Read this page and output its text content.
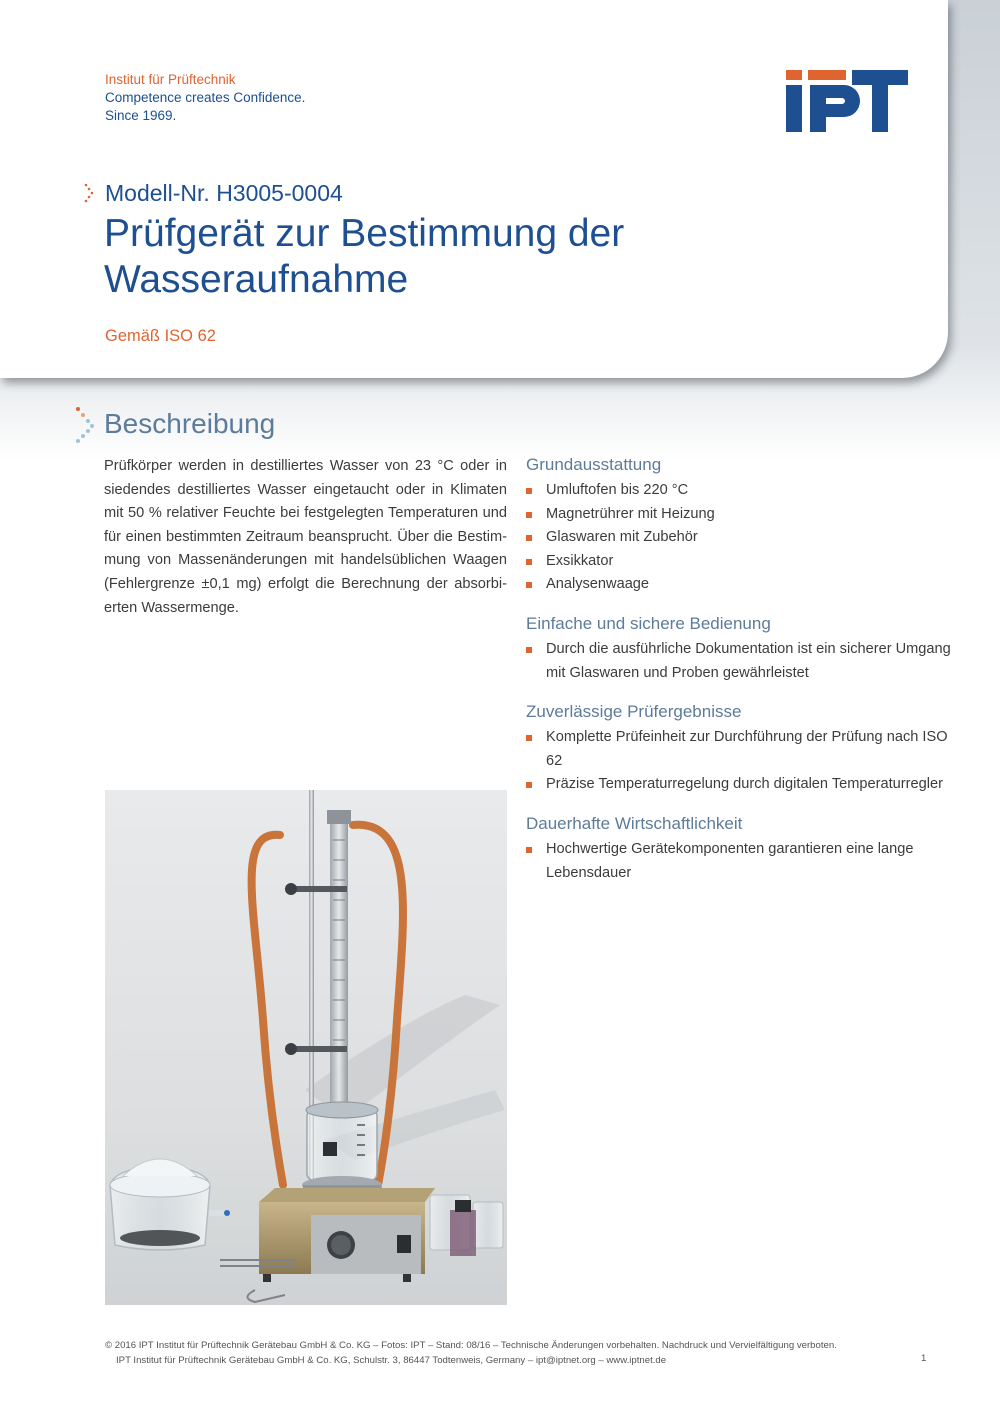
Institut für Prüftechnik
Competence creates Confidence.
Since 1969.
Modell-Nr. H3005-0004
Prüfgerät zur Bestimmung der Wasseraufnahme
Gemäß ISO 62
Beschreibung

Prüfkörper werden in destilliertes Wasser von 23 °C oder in siedendes destilliertes Wasser eingetaucht oder in Klimaten mit 50 % relativer Feuchte bei festgelegten Temperaturen und für einen bestimmten Zeitraum beansprucht. Über die Bestim-mung von Massenänderungen mit handelsüblichen Waagen (Fehlergrenze ±0,1 mg) erfolgt die Berechnung der absorbi-erten Wassermenge.

Grundausstattung
Umluftofen bis 220 °C
Magnetrührer mit Heizung
Glaswaren mit Zubehör
Exsikkator
Analysenwaage
Einfache und sichere Bedienung
Durch die ausführliche Dokumentation ist ein sicherer Umgang mit Glaswaren und Proben gewährleistet
Zuverlässige Prüfergebnisse
Komplette Prüfeinheit zur Durchführung der Prüfung nach ISO 62
Präzise Temperaturregelung durch digitalen Temperaturregler
Dauerhafte Wirtschaftlichkeit
Hochwertige Gerätekomponenten garantieren eine lange Lebensdauer
© 2016 IPT Institut für Prüftechnik Gerätebau GmbH & Co. KG – Fotos: IPT – Stand: 08/16 – Technische Änderungen vorbehalten. Nachdruck und Vervielfältigung verboten.
IPT Institut für Prüftechnik Gerätebau GmbH & Co. KG, Schulstr. 3, 86447 Todtenweis, Germany – ipt@iptnet.org – www.iptnet.de	1
